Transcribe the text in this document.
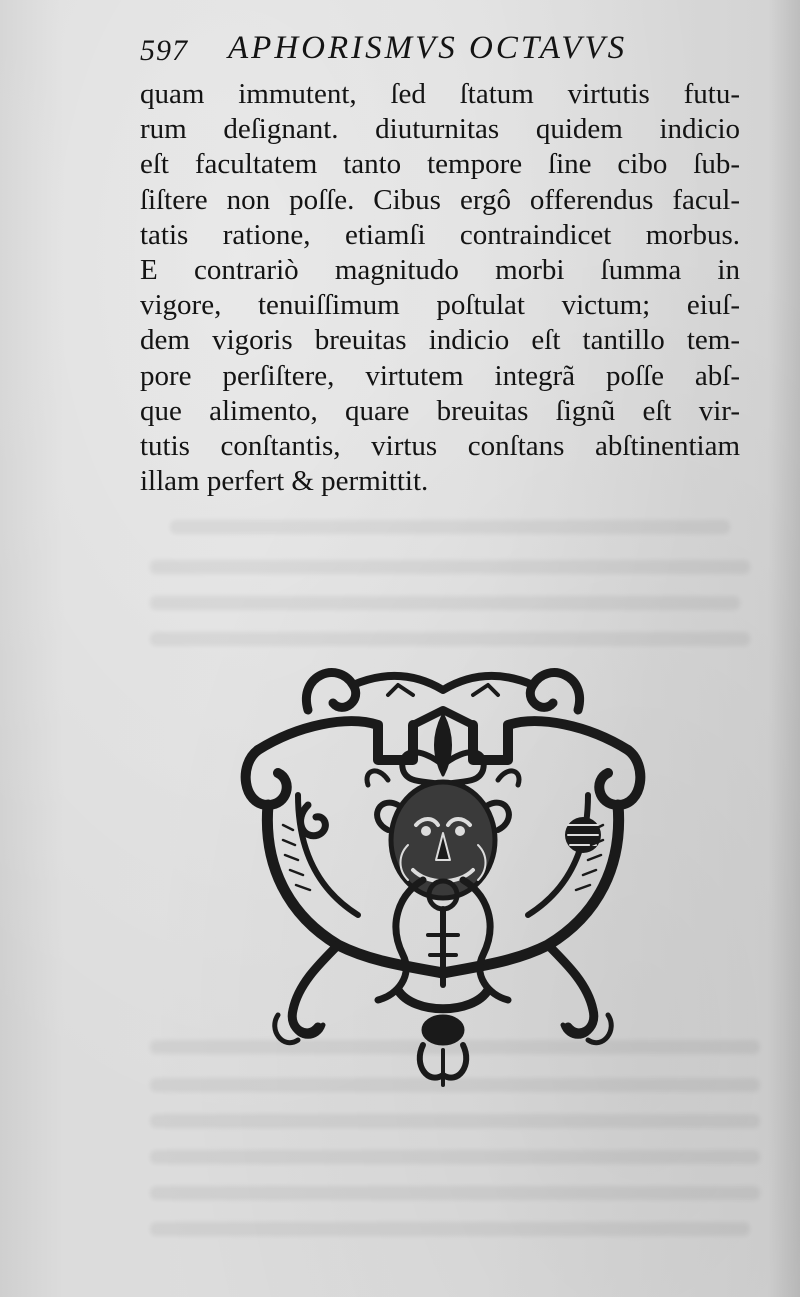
597 APHORISMVS OCTAVVS
quam immutent, ſed ſtatum virtutis futu-
rum deſignant. diuturnitas quidem indicio
eſt facultatem tanto tempore ſine cibo ſub-
ſiſtere non poſſe. Cibus ergô offerendus facul-
tatis ratione, etiamſi contraindicet morbus.
E contrariò magnitudo morbi ſumma in
vigore, tenuiſſimum poſtulat victum; eiuſ-
dem vigoris breuitas indicio eſt tantillo tem-
pore perſiſtere, virtutem integrã poſſe abſ-
que alimento, quare breuitas ſignũ eſt vir-
tutis conſtantis, virtus conſtans abſtinentiam
illam perfert & permittit.
